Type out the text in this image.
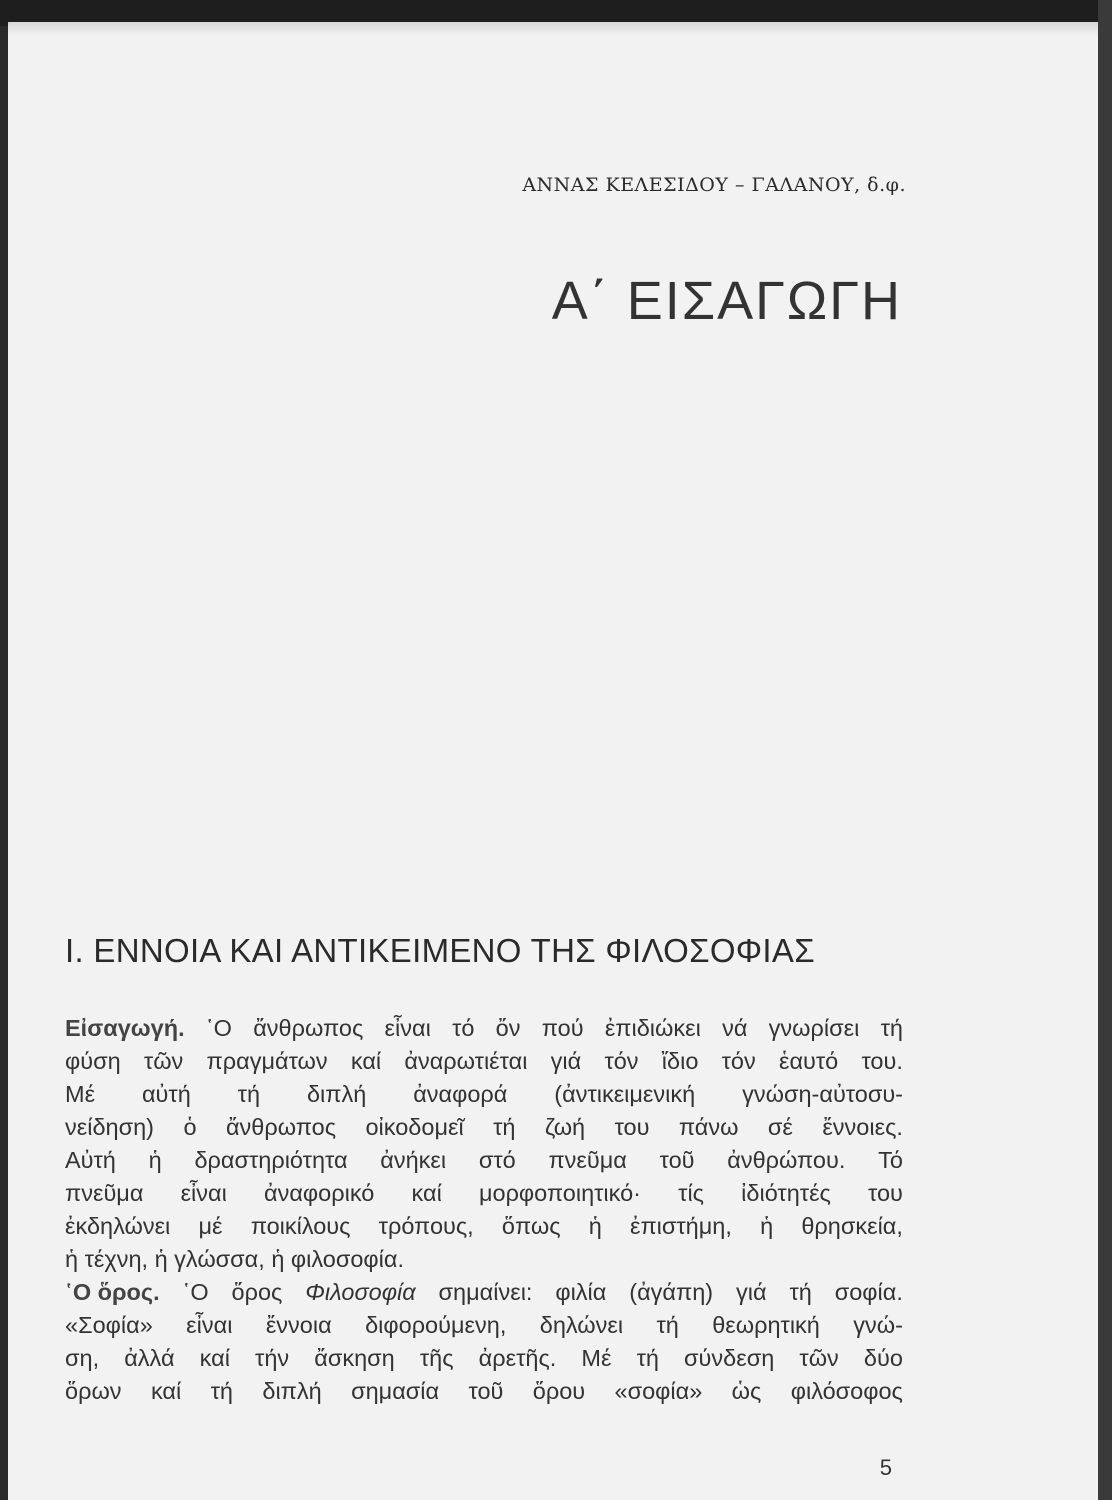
ΑΝΝΑΣ ΚΕΛΕΣΙΔΟΥ – ΓΑΛΑΝΟΥ, δ.φ.
Α΄ ΕΙΣΑΓΩΓΗ
Ι. ΕΝΝΟΙΑ ΚΑΙ ΑΝΤΙΚΕΙΜΕΝΟ ΤΗΣ ΦΙΛΟΣΟΦΙΑΣ
Εἰσαγωγή. ῾Ο ἄνθρωπος εἶναι τό ὄν πού ἐπιδιώκει νά γνωρίσει τή
φύση τῶν πραγμάτων καί ἀναρωτιέται γιά τόν ἴδιο τόν ἑαυτό του.
Μέ αὐτή τή διπλή ἀναφορά (ἀντικειμενική γνώση-αὐτοσυ-
νείδηση) ὁ ἄνθρωπος οἰκοδομεῖ τή ζωή του πάνω σέ ἔννοιες.
Αὐτή ἡ δραστηριότητα ἀνήκει στό πνεῦμα τοῦ ἀνθρώπου. Τό
πνεῦμα εἶναι ἀναφορικό καί μορφοποιητικό· τίς ἰδιότητές του
ἐκδηλώνει μέ ποικίλους τρόπους, ὅπως ἡ ἐπιστήμη, ἡ θρησκεία,
ἡ τέχνη, ἡ γλώσσα, ἡ φιλοσοφία.
῾Ο ὅρος. ῾Ο ὅρος Φιλοσοφία σημαίνει: φιλία (ἀγάπη) γιά τή σοφία.
«Σοφία» εἶναι ἔννοια διφορούμενη, δηλώνει τή θεωρητική γνώ-
ση, ἀλλά καί τήν ἄσκηση τῆς ἀρετῆς. Μέ τή σύνδεση τῶν δύο
ὅρων καί τή διπλή σημασία τοῦ ὅρου «σοφία» ὡς φιλόσοφος
5
